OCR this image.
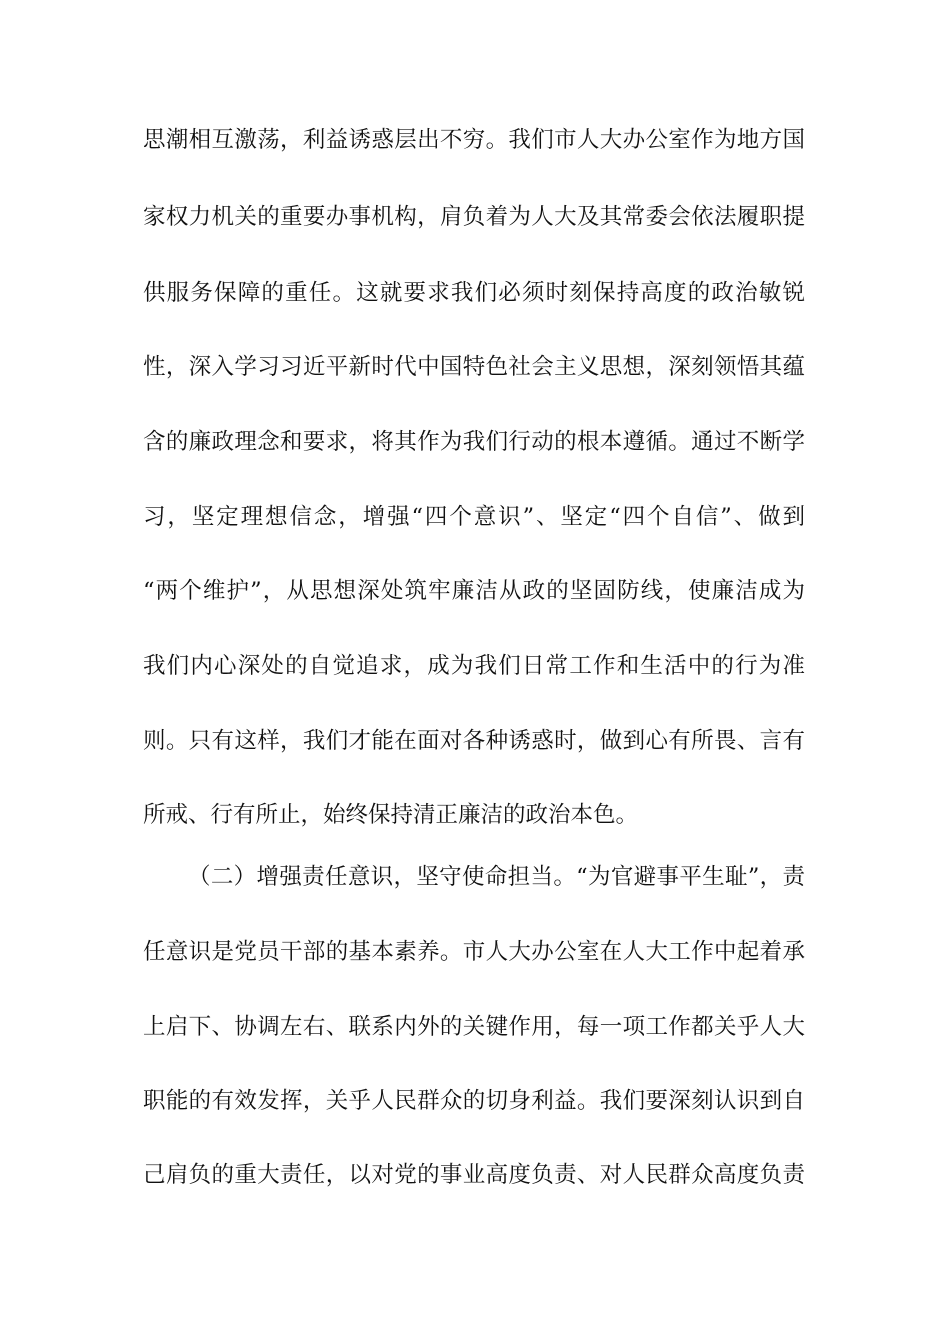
思潮相互激荡，利益诱惑层出不穷。我们市人大办公室作为地方国
家权力机关的重要办事机构，肩负着为人大及其常委会依法履职提
供服务保障的重任。这就要求我们必须时刻保持高度的政治敏锐
性，深入学习习近平新时代中国特色社会主义思想，深刻领悟其蕴
含的廉政理念和要求，将其作为我们行动的根本遵循。通过不断学
习，坚定理想信念，增强“四个意识”、坚定“四个自信”、做到
“两个维护”，从思想深处筑牢廉洁从政的坚固防线，使廉洁成为
我们内心深处的自觉追求，成为我们日常工作和生活中的行为准
则。只有这样，我们才能在面对各种诱惑时，做到心有所畏、言有
所戒、行有所止，始终保持清正廉洁的政治本色。
（二）增强责任意识，坚守使命担当。“为官避事平生耻”，责
任意识是党员干部的基本素养。市人大办公室在人大工作中起着承
上启下、协调左右、联系内外的关键作用，每一项工作都关乎人大
职能的有效发挥，关乎人民群众的切身利益。我们要深刻认识到自
己肩负的重大责任，以对党的事业高度负责、对人民群众高度负责
